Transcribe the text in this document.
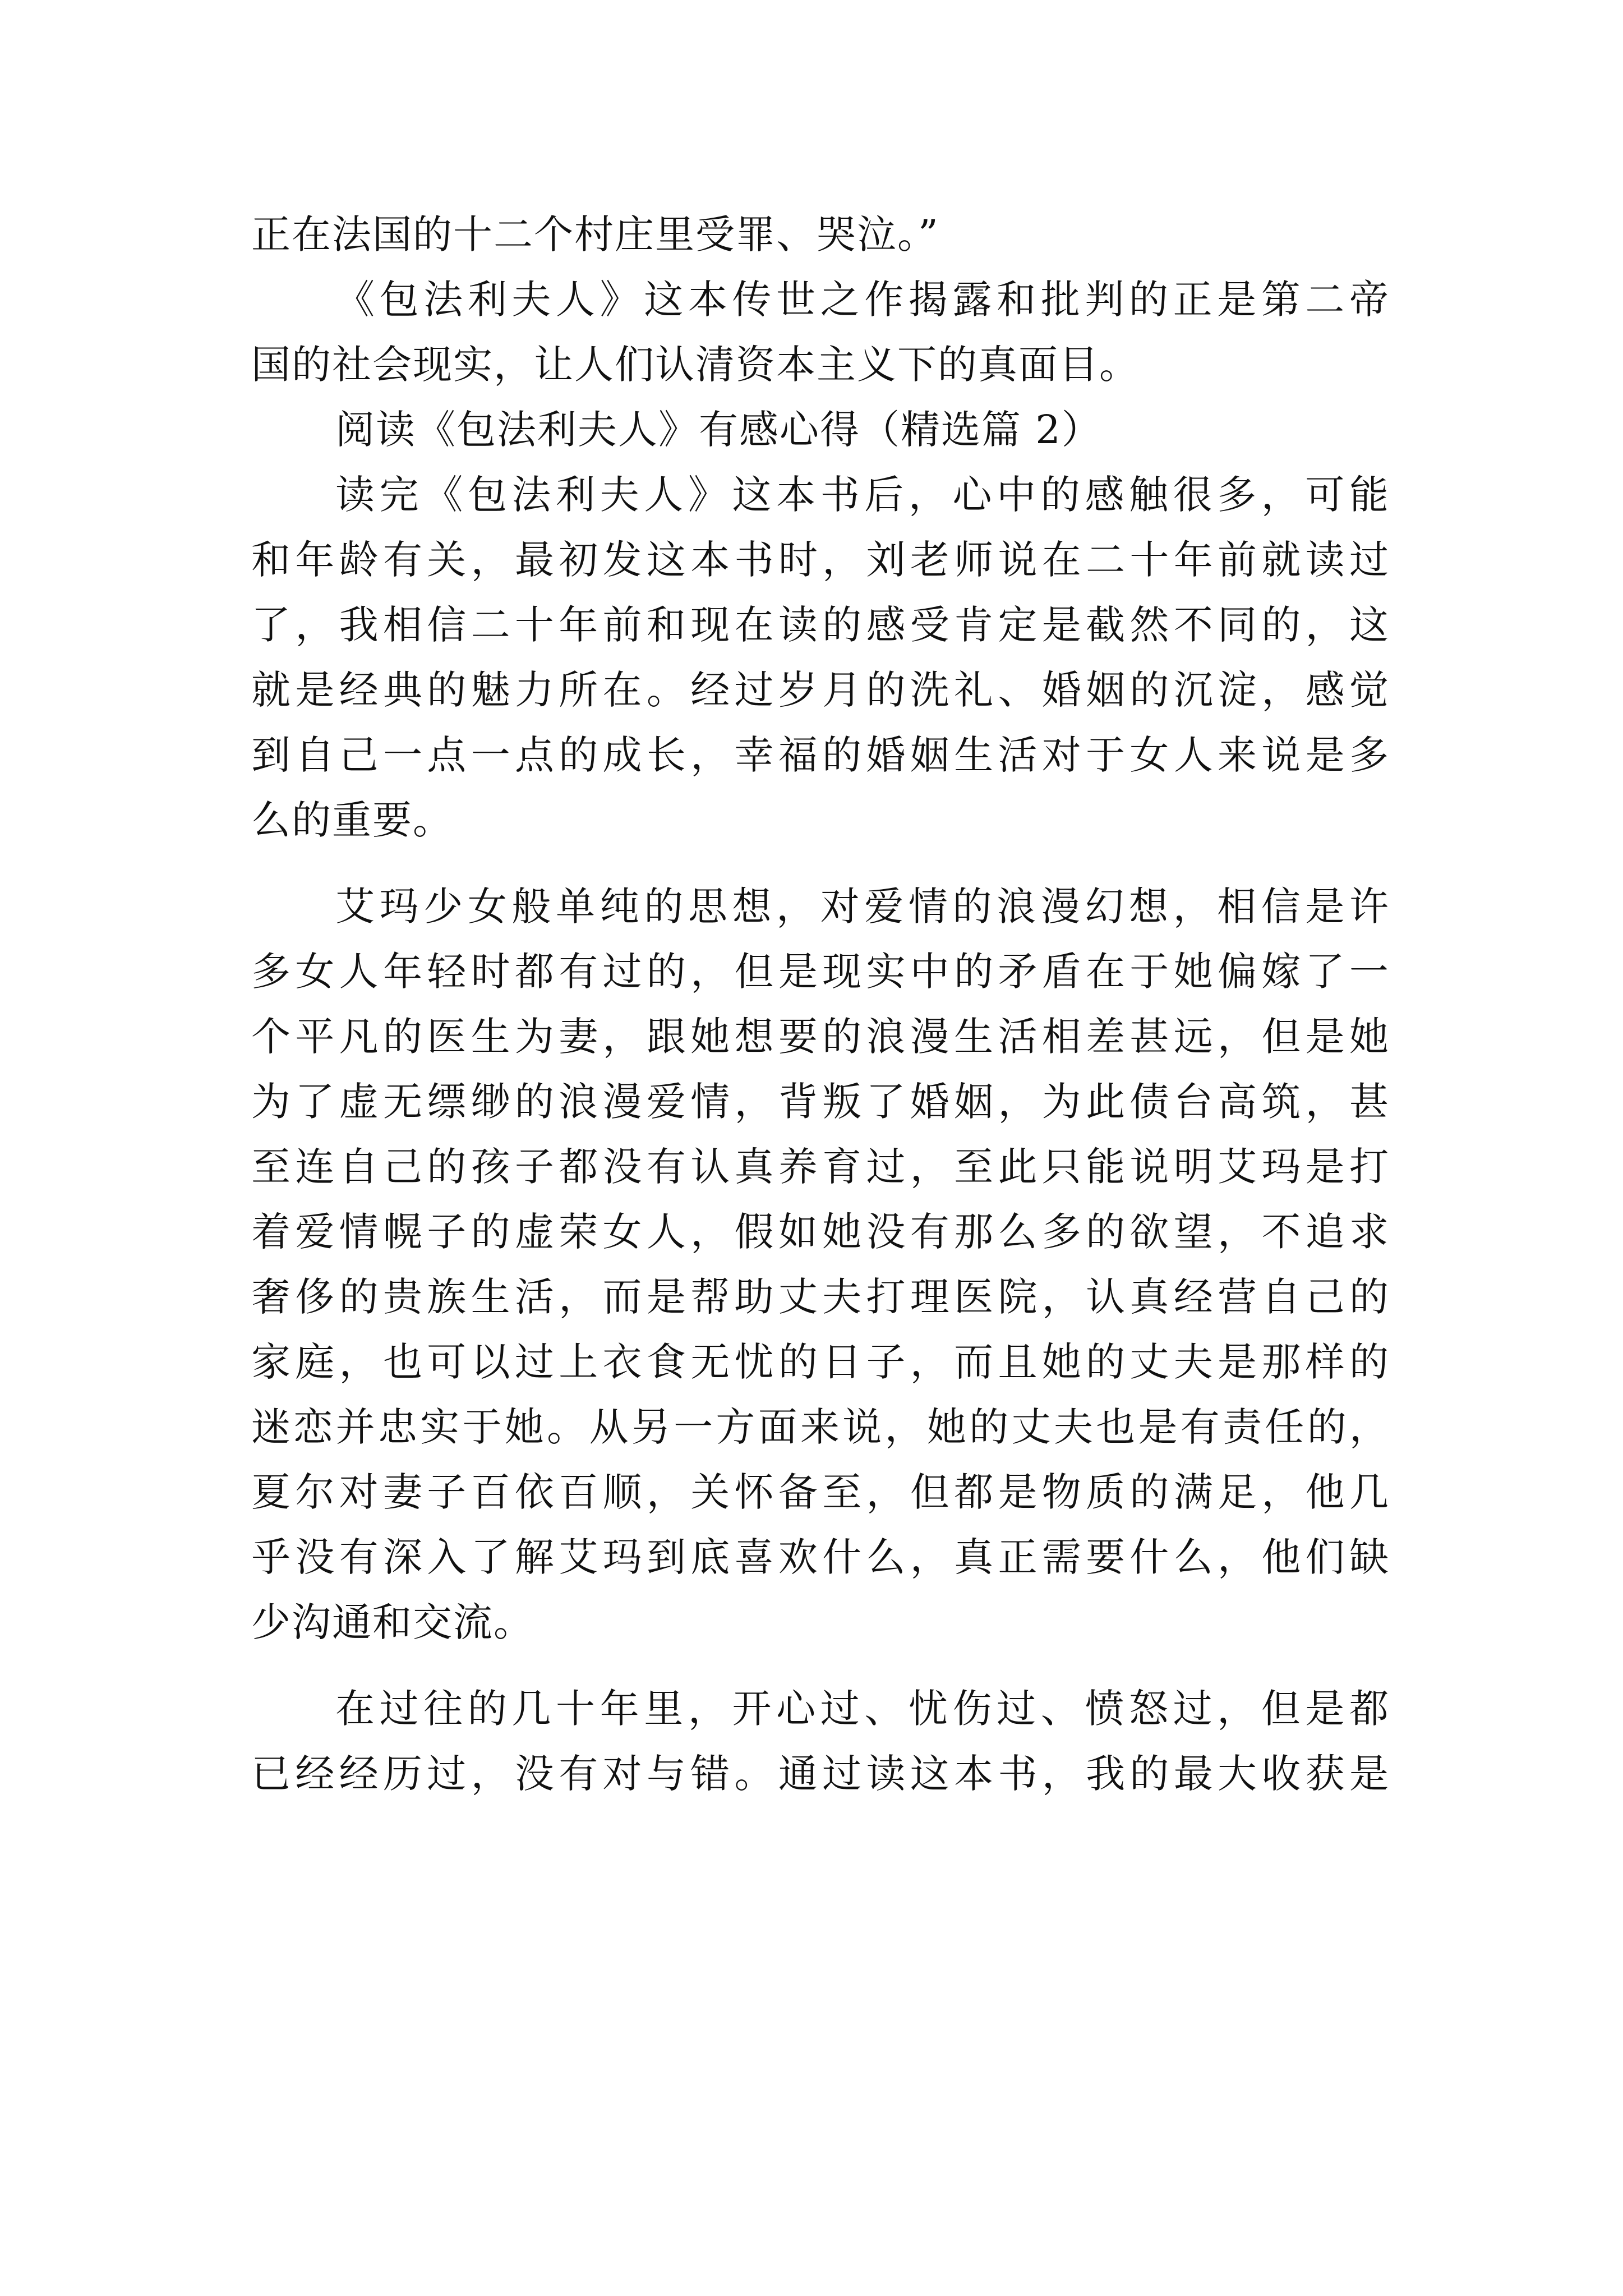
正在法国的十二个村庄里受罪、哭泣。”
《包法利夫人》这本传世之作揭露和批判的正是第二帝
国的社会现实，让人们认清资本主义下的真面目。
阅读《包法利夫人》有感心得（精选篇 2）
读完《包法利夫人》这本书后，心中的感触很多，可能
和年龄有关，最初发这本书时，刘老师说在二十年前就读过
了，我相信二十年前和现在读的感受肯定是截然不同的，这
就是经典的魅力所在。经过岁月的洗礼、婚姻的沉淀，感觉
到自己一点一点的成长，幸福的婚姻生活对于女人来说是多
么的重要。
艾玛少女般单纯的思想，对爱情的浪漫幻想，相信是许
多女人年轻时都有过的，但是现实中的矛盾在于她偏嫁了一
个平凡的医生为妻，跟她想要的浪漫生活相差甚远，但是她
为了虚无缥缈的浪漫爱情，背叛了婚姻，为此债台高筑，甚
至连自己的孩子都没有认真养育过，至此只能说明艾玛是打
着爱情幌子的虚荣女人，假如她没有那么多的欲望，不追求
奢侈的贵族生活，而是帮助丈夫打理医院，认真经营自己的
家庭，也可以过上衣食无忧的日子，而且她的丈夫是那样的
迷恋并忠实于她。从另一方面来说，她的丈夫也是有责任的，
夏尔对妻子百依百顺，关怀备至，但都是物质的满足，他几
乎没有深入了解艾玛到底喜欢什么，真正需要什么，他们缺
少沟通和交流。
在过往的几十年里，开心过、忧伤过、愤怒过，但是都
已经经历过，没有对与错。通过读这本书，我的最大收获是
